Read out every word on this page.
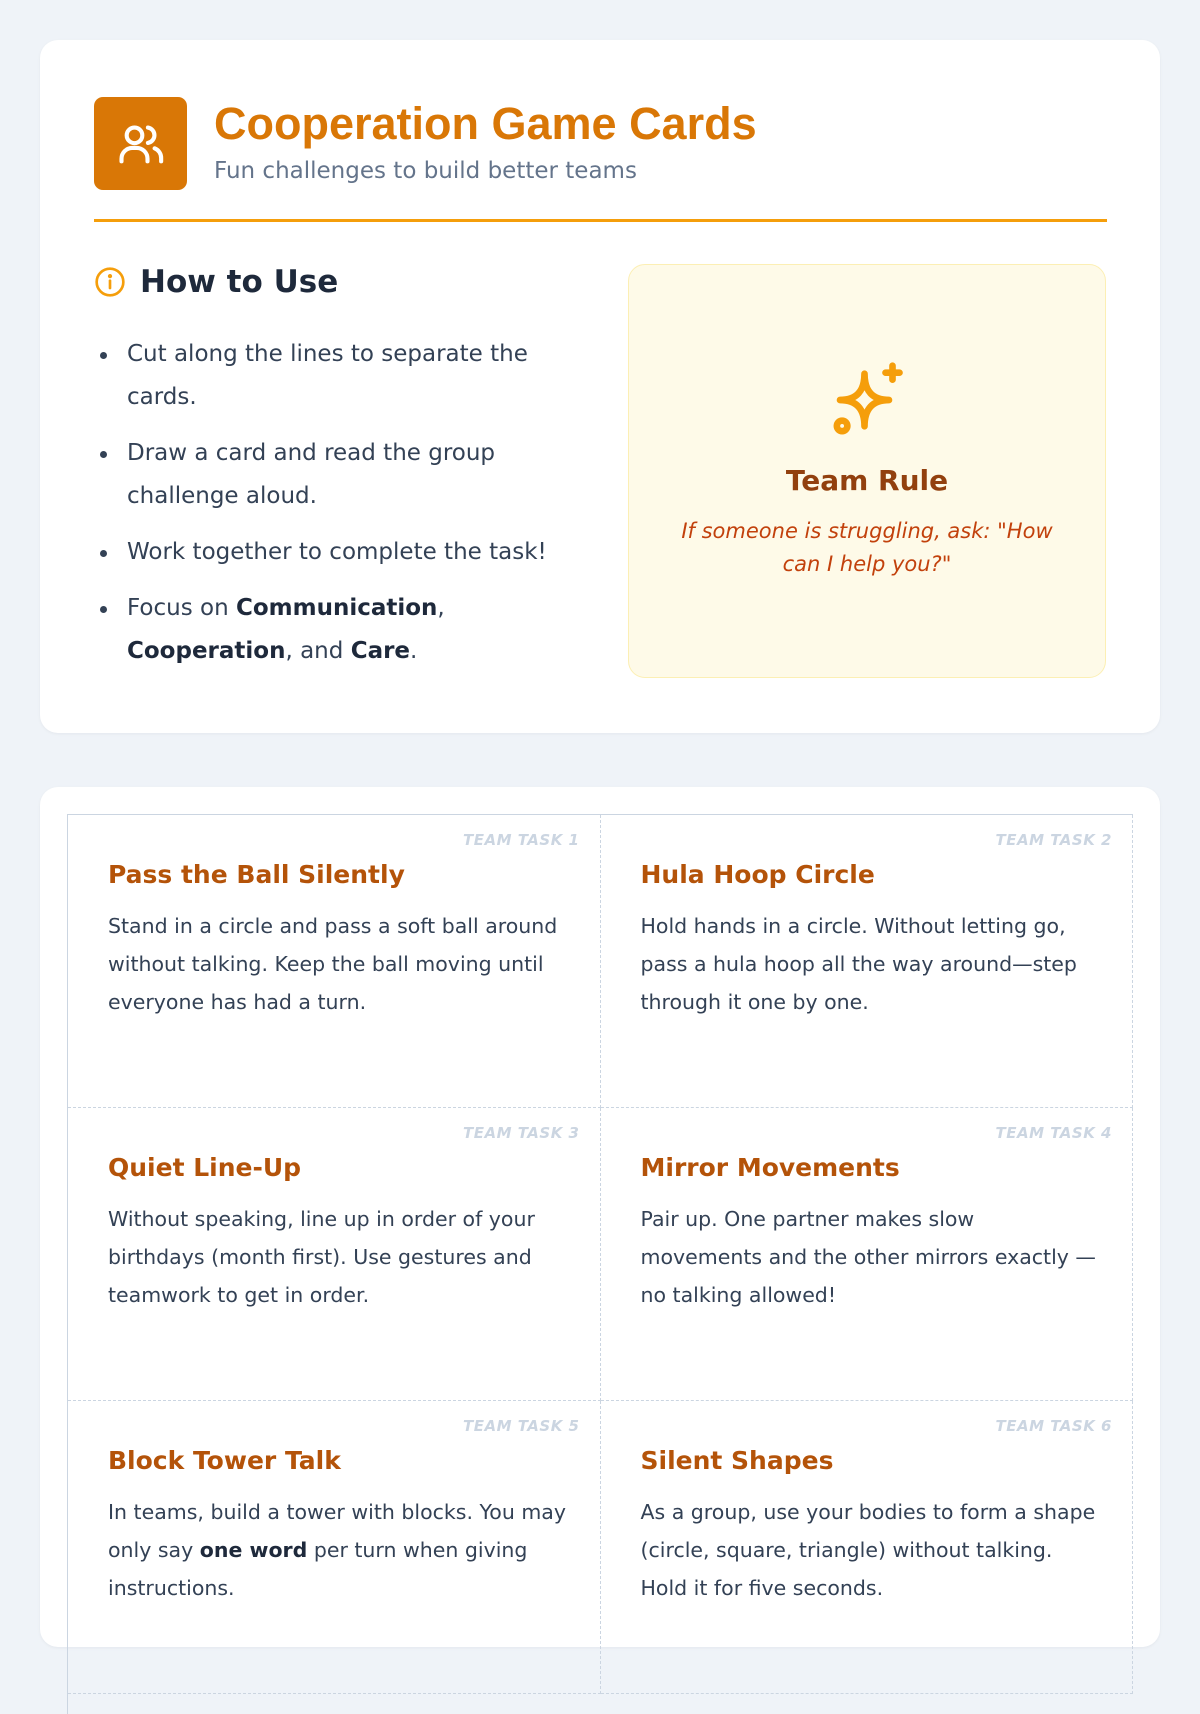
Cooperation Game Cards

Fun challenges to build better teams

How to Use
Cut along the lines to separate the cards.
Draw a card and read the group challenge aloud.
Work together to complete the task!
Focus on Communication, Cooperation, and Care.
Team Rule

If someone is struggling, ask: "How can I help you?"

TEAM TASK 1
Pass the Ball Silently

Stand in a circle and pass a soft ball around without talking. Keep the ball moving until everyone has had a turn.

TEAM TASK 2
Hula Hoop Circle

Hold hands in a circle. Without letting go, pass a hula hoop all the way around—step through it one by one.

TEAM TASK 3
Quiet Line-Up

Without speaking, line up in order of your birthdays (month first). Use gestures and teamwork to get in order.

TEAM TASK 4
Mirror Movements

Pair up. One partner makes slow movements and the other mirrors exactly —no talking allowed!

TEAM TASK 5
Block Tower Talk

In teams, build a tower with blocks. You may only say one word per turn when giving instructions.

TEAM TASK 6
Silent Shapes

As a group, use your bodies to form a shape (circle, square, triangle) without talking. Hold it for five seconds.
